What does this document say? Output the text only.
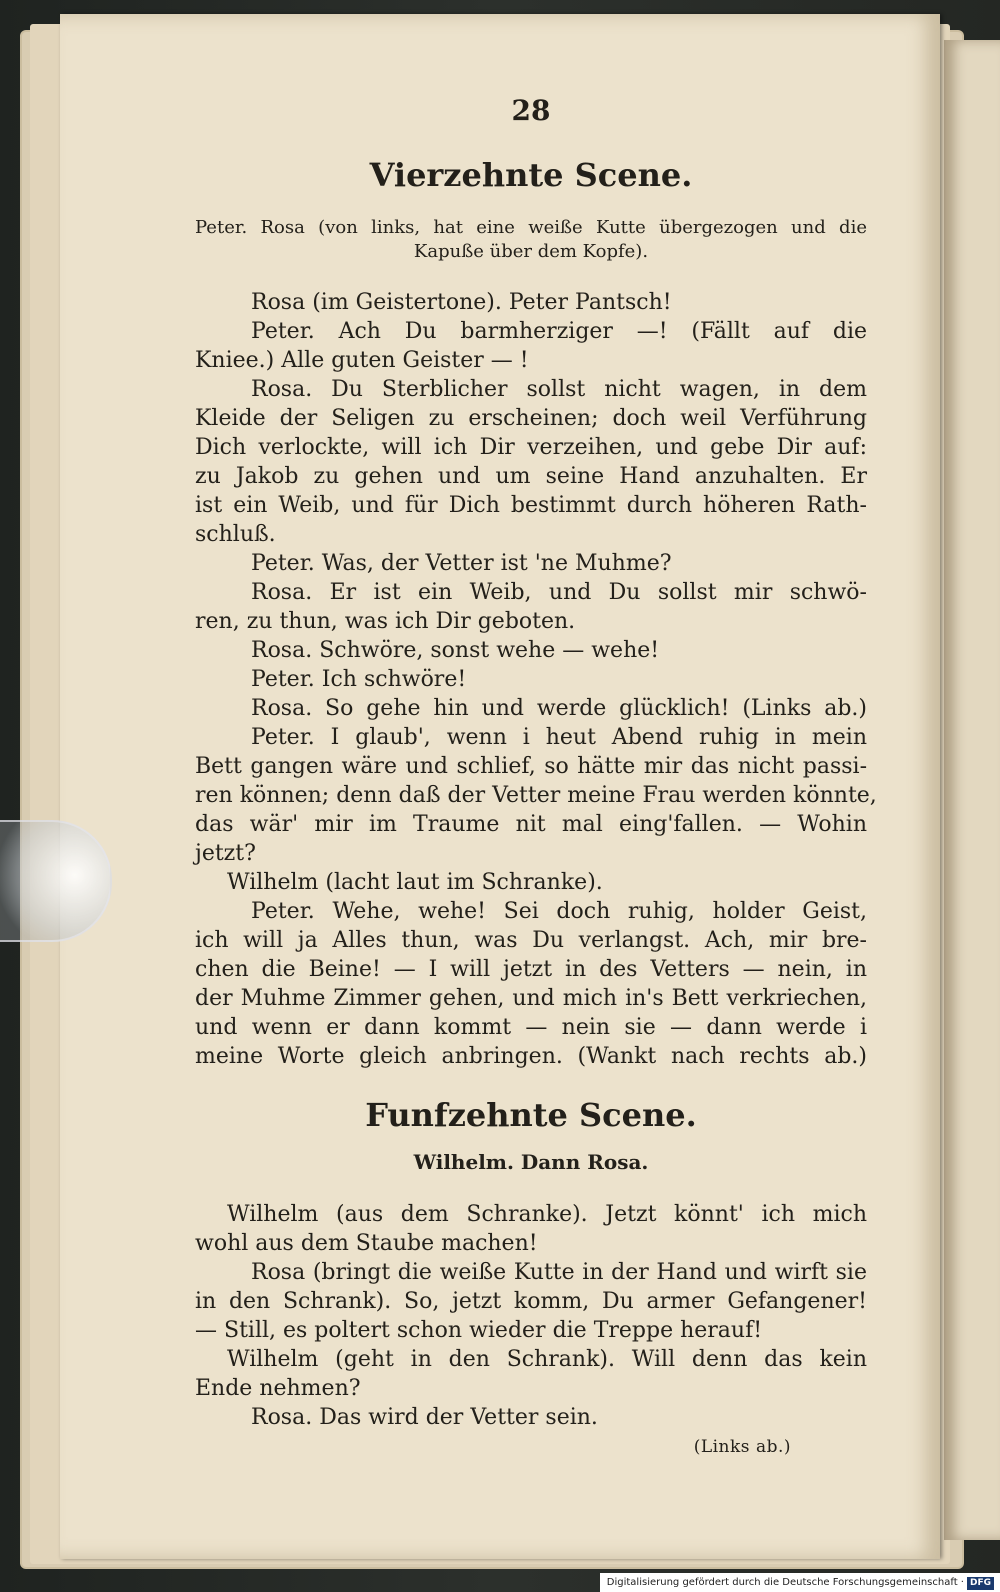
28
Vierzehnte Scene.
Peter. Rosa (von links, hat eine weiße Kutte übergezogen und die
Kapuße über dem Kopfe).
Rosa (im Geistertone). Peter Pantsch!
Peter. Ach Du barmherziger —! (Fällt auf die
Kniee.) Alle guten Geister — !
Rosa. Du Sterblicher sollst nicht wagen, in dem
Kleide der Seligen zu erscheinen; doch weil Verführung
Dich verlockte, will ich Dir verzeihen, und gebe Dir auf:
zu Jakob zu gehen und um seine Hand anzuhalten. Er
ist ein Weib, und für Dich bestimmt durch höheren Rath-
schluß.
Peter. Was, der Vetter ist 'ne Muhme?
Rosa. Er ist ein Weib, und Du sollst mir schwö-
ren, zu thun, was ich Dir geboten.
Rosa. Schwöre, sonst wehe — wehe!
Peter. Ich schwöre!
Rosa. So gehe hin und werde glücklich! (Links ab.)
Peter. I glaub', wenn i heut Abend ruhig in mein
Bett gangen wäre und schlief, so hätte mir das nicht passi-
ren können; denn daß der Vetter meine Frau werden könnte,
das wär' mir im Traume nit mal eing'fallen. — Wohin
jetzt?
Wilhelm (lacht laut im Schranke).
Peter. Wehe, wehe! Sei doch ruhig, holder Geist,
ich will ja Alles thun, was Du verlangst. Ach, mir bre-
chen die Beine! — I will jetzt in des Vetters — nein, in
der Muhme Zimmer gehen, und mich in's Bett verkriechen,
und wenn er dann kommt — nein sie — dann werde i
meine Worte gleich anbringen. (Wankt nach rechts ab.)
Funfzehnte Scene.
Wilhelm. Dann Rosa.
Wilhelm (aus dem Schranke). Jetzt könnt' ich mich
wohl aus dem Staube machen!
Rosa (bringt die weiße Kutte in der Hand und wirft sie
in den Schrank). So, jetzt komm, Du armer Gefangener!
— Still, es poltert schon wieder die Treppe herauf!
Wilhelm (geht in den Schrank). Will denn das kein
Ende nehmen?
Rosa. Das wird der Vetter sein.
(Links ab.)
Digitalisierung gefördert durch die Deutsche Forschungsgemeinschaft · DFG
